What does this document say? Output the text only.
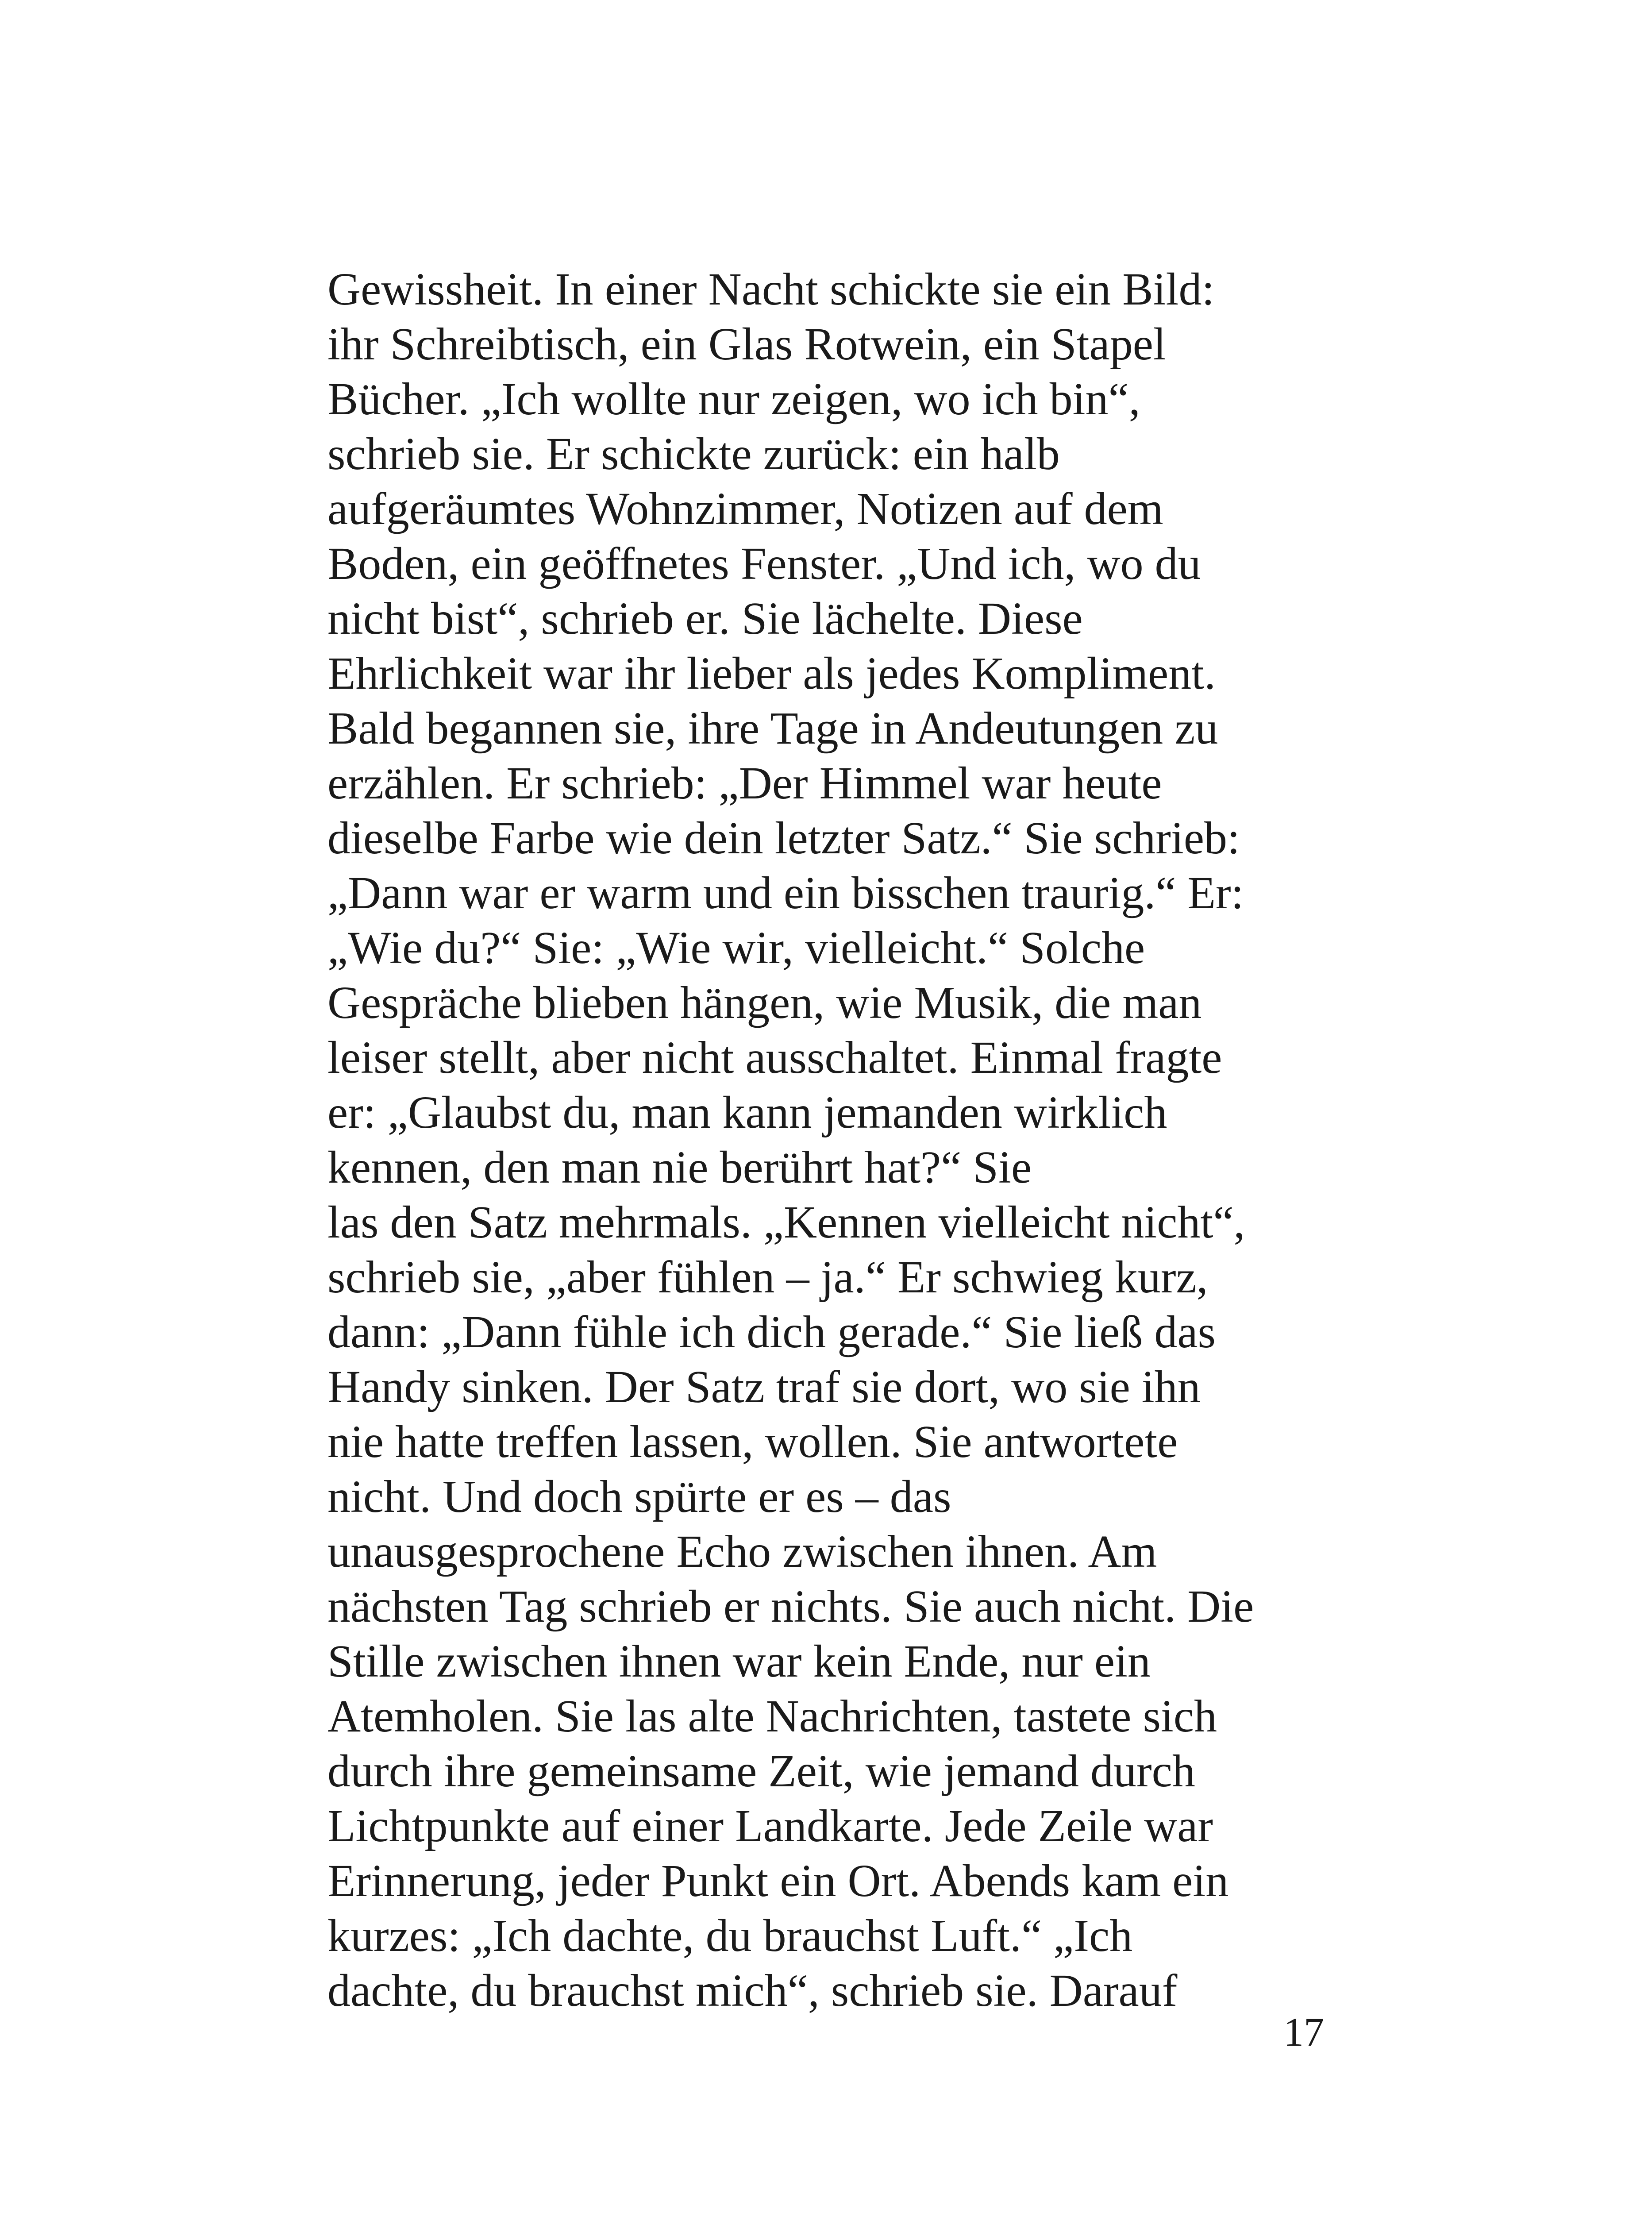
Gewissheit. In einer Nacht schickte sie ein Bild:
ihr Schreibtisch, ein Glas Rotwein, ein Stapel
Bücher. „Ich wollte nur zeigen, wo ich bin“,
schrieb sie. Er schickte zurück: ein halb
aufgeräumtes Wohnzimmer, Notizen auf dem
Boden, ein geöffnetes Fenster. „Und ich, wo du
nicht bist“, schrieb er. Sie lächelte. Diese
Ehrlichkeit war ihr lieber als jedes Kompliment.
Bald begannen sie, ihre Tage in Andeutungen zu
erzählen. Er schrieb: „Der Himmel war heute
dieselbe Farbe wie dein letzter Satz.“ Sie schrieb:
„Dann war er warm und ein bisschen traurig.“ Er:
„Wie du?“ Sie: „Wie wir, vielleicht.“ Solche
Gespräche blieben hängen, wie Musik, die man
leiser stellt, aber nicht ausschaltet. Einmal fragte
er: „Glaubst du, man kann jemanden wirklich
kennen, den man nie berührt hat?“ Sie
las den Satz mehrmals. „Kennen vielleicht nicht“,
schrieb sie, „aber fühlen – ja.“ Er schwieg kurz,
dann: „Dann fühle ich dich gerade.“ Sie ließ das
Handy sinken. Der Satz traf sie dort, wo sie ihn
nie hatte treffen lassen, wollen. Sie antwortete
nicht. Und doch spürte er es – das
unausgesprochene Echo zwischen ihnen. Am
nächsten Tag schrieb er nichts. Sie auch nicht. Die
Stille zwischen ihnen war kein Ende, nur ein
Atemholen. Sie las alte Nachrichten, tastete sich
durch ihre gemeinsame Zeit, wie jemand durch
Lichtpunkte auf einer Landkarte. Jede Zeile war
Erinnerung, jeder Punkt ein Ort. Abends kam ein
kurzes: „Ich dachte, du brauchst Luft.“ „Ich
dachte, du brauchst mich“, schrieb sie. Darauf
17
